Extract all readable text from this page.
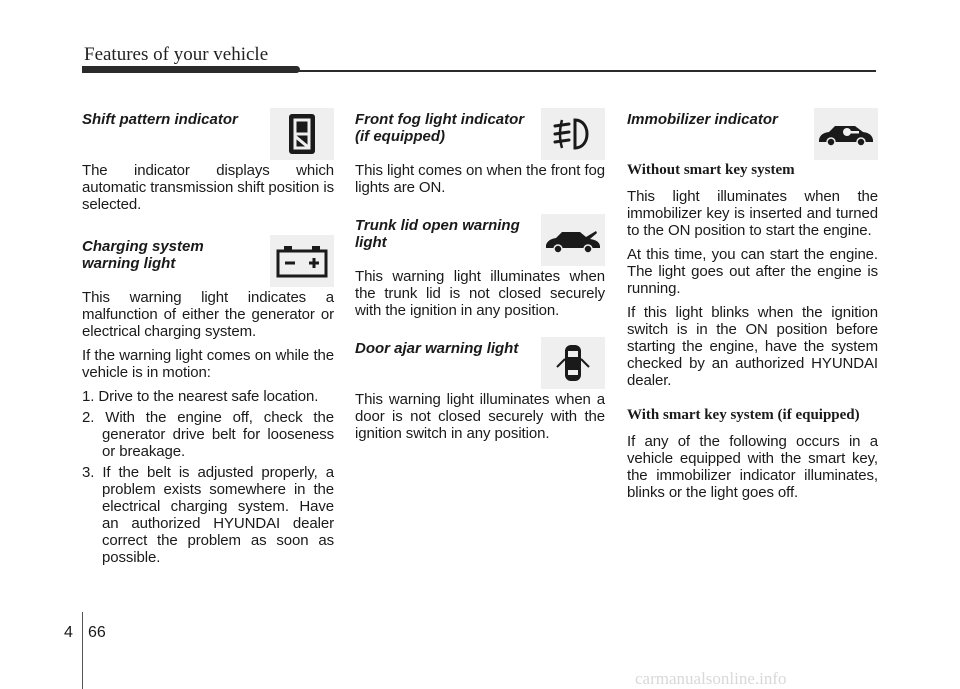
Features of your vehicle
Shift pattern indicator

The indicator displays which automatic transmission shift position is selected.

Charging system warning light

This warning light indicates a malfunction of either the generator or electrical charging system.

If the warning light comes on while the vehicle is in motion:

1. Drive to the nearest safe location.
2. With the engine off, check the generator drive belt for looseness or breakage.
3. If the belt is adjusted properly, a problem exists somewhere in the electrical charging system. Have an authorized HYUNDAI dealer correct the problem as soon as possible.
Front fog light indicator (if equipped)

This light comes on when the front fog lights are ON.

Trunk lid open warning light

This warning light illuminates when the trunk lid is not closed securely with the ignition in any position.

Door ajar warning light

This warning light illuminates when a door is not closed securely with the ignition switch in any position.

Immobilizer indicator
Without smart key system

This light illuminates when the immobilizer key is inserted and turned to the ON position to start the engine.

At this time, you can start the engine. The light goes out after the engine is running.

If this light blinks when the ignition switch is in the ON position before starting the engine, have the system checked by an authorized HYUNDAI dealer.

With smart key system (if equipped)

If any of the following occurs in a vehicle equipped with the smart key, the immobilizer indicator illuminates, blinks or the light goes off.

4 66
carmanualsonline.info
